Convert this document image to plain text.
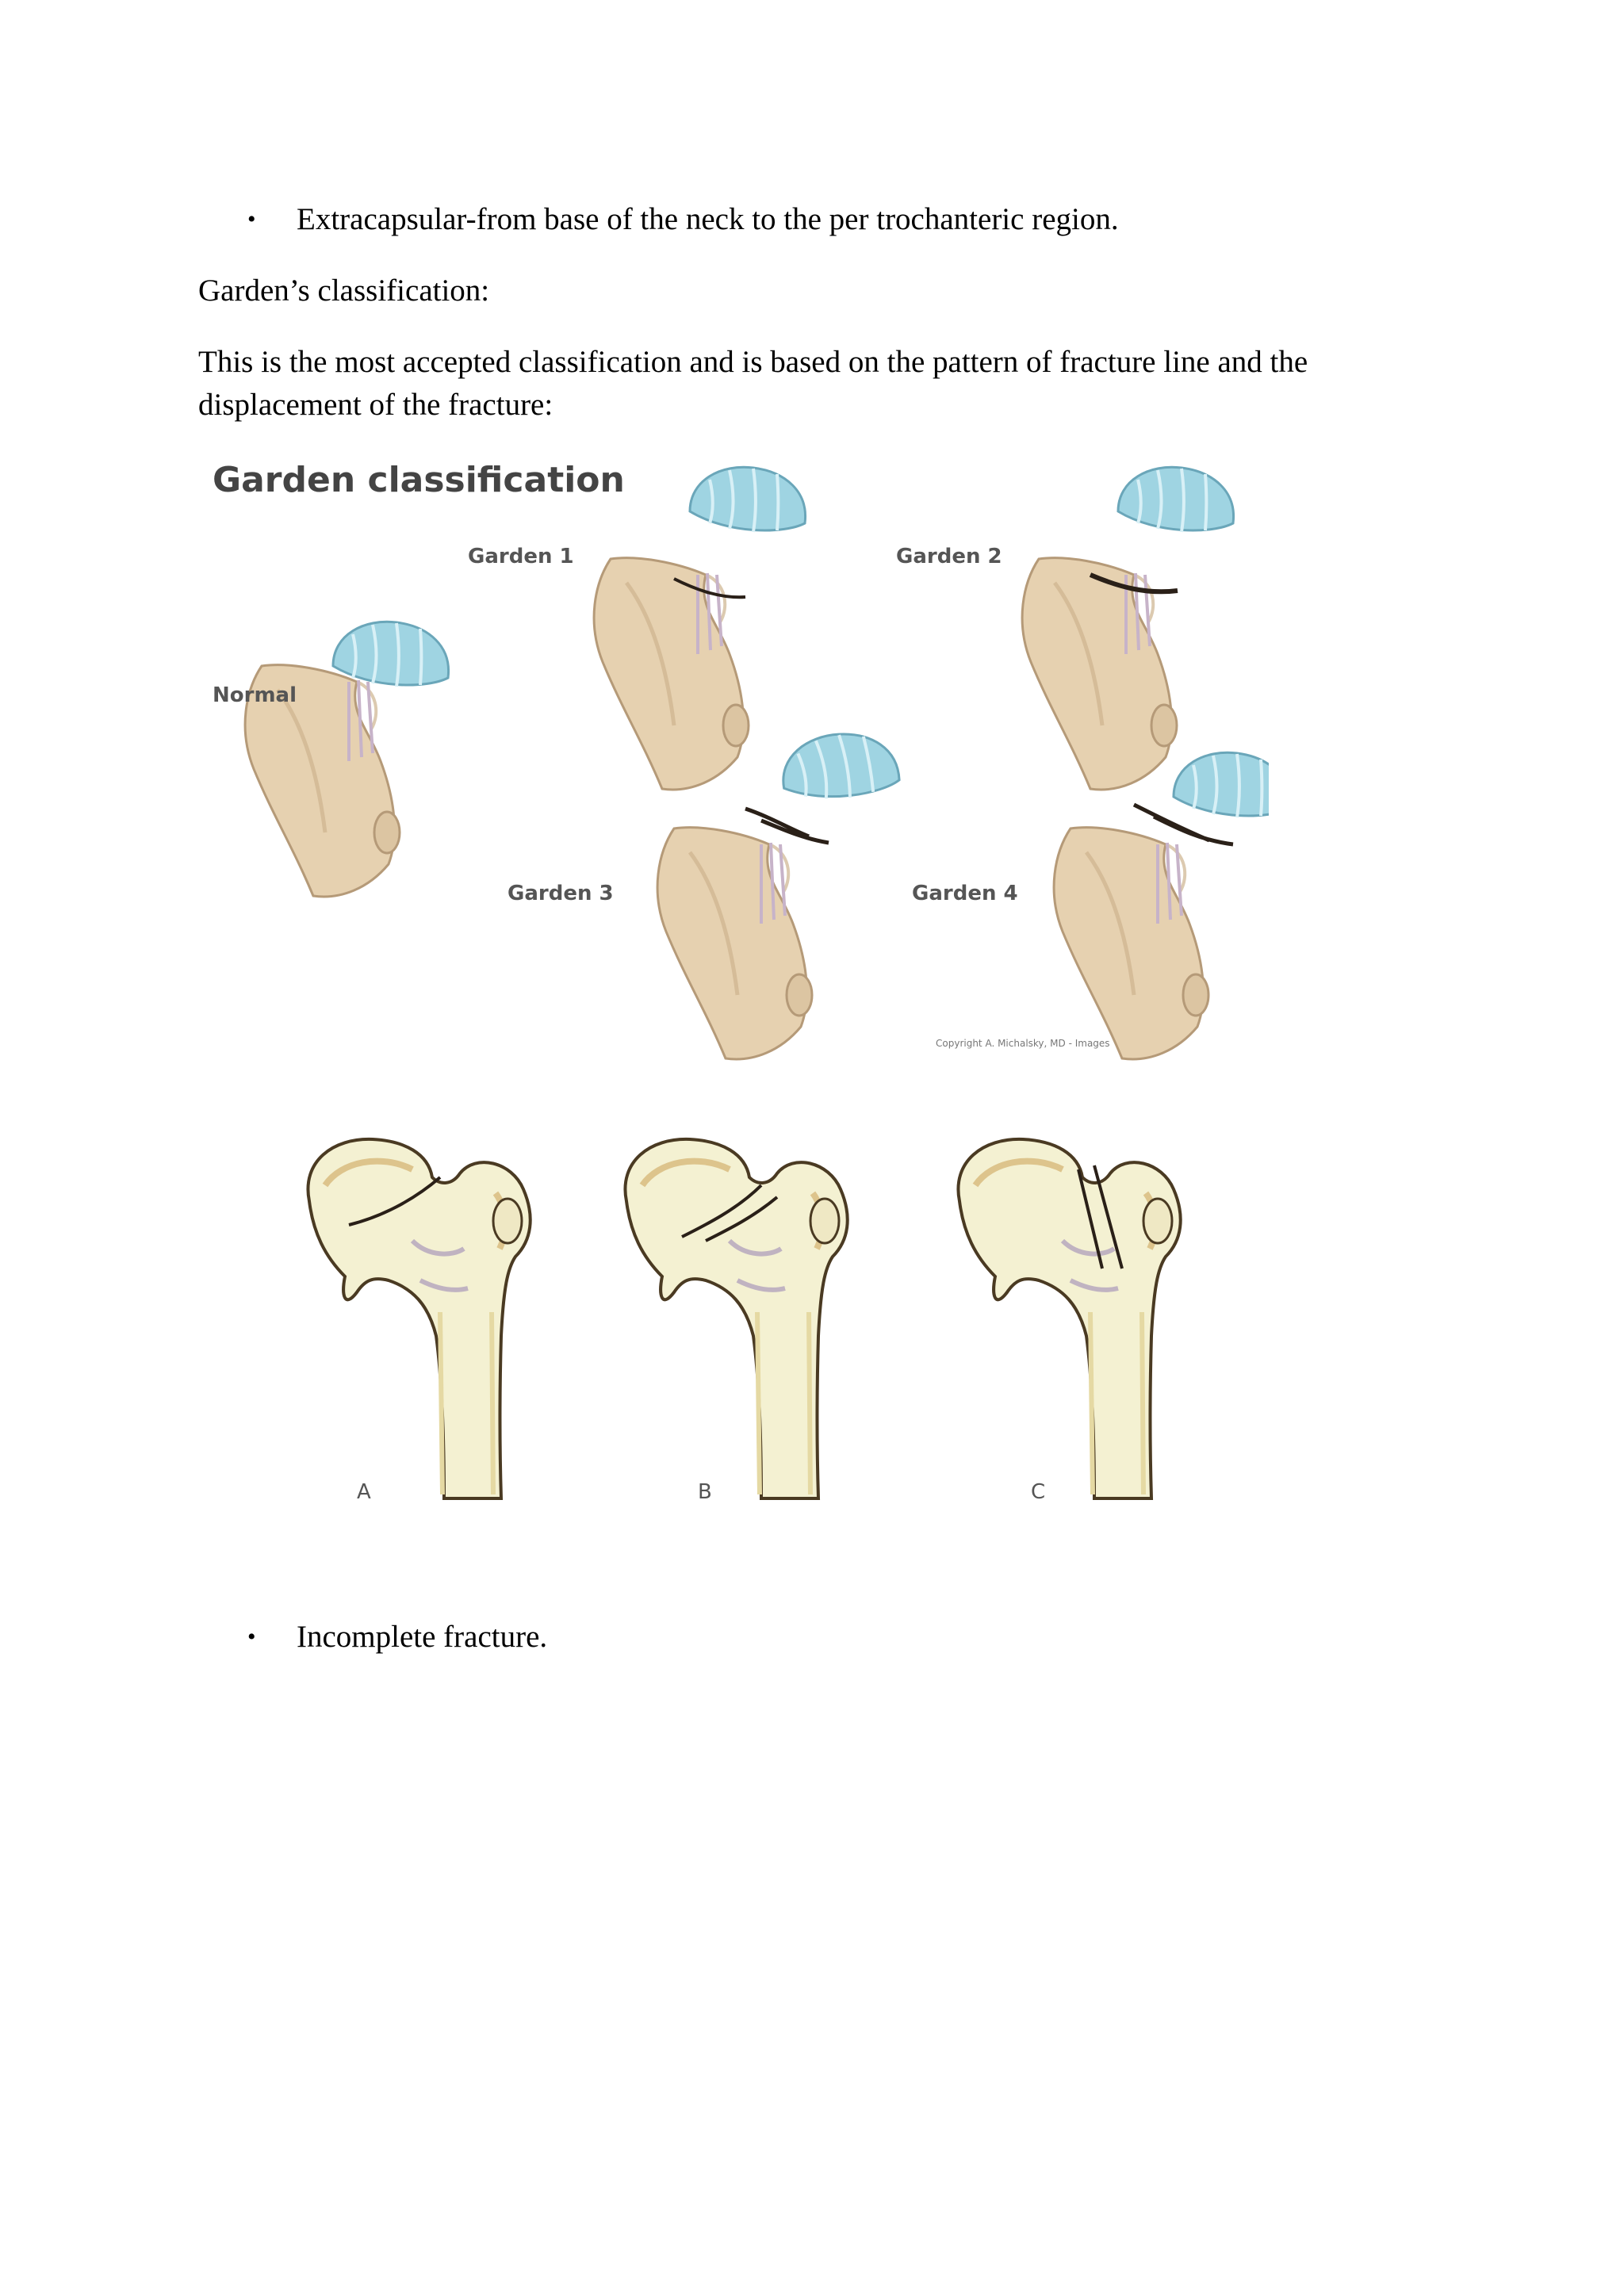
• Extracapsular-from base of the neck to the per trochanteric region.

Garden’s classification:

This is the most accepted classification and is based on the pattern of fracture line and the displacement of the fracture:

Garden classification
Normal
Garden 1	Garden 2
Garden 3	Garden 4
Copyright A. Michalsky, MD - Images
A	B	C
• Incomplete fracture.
